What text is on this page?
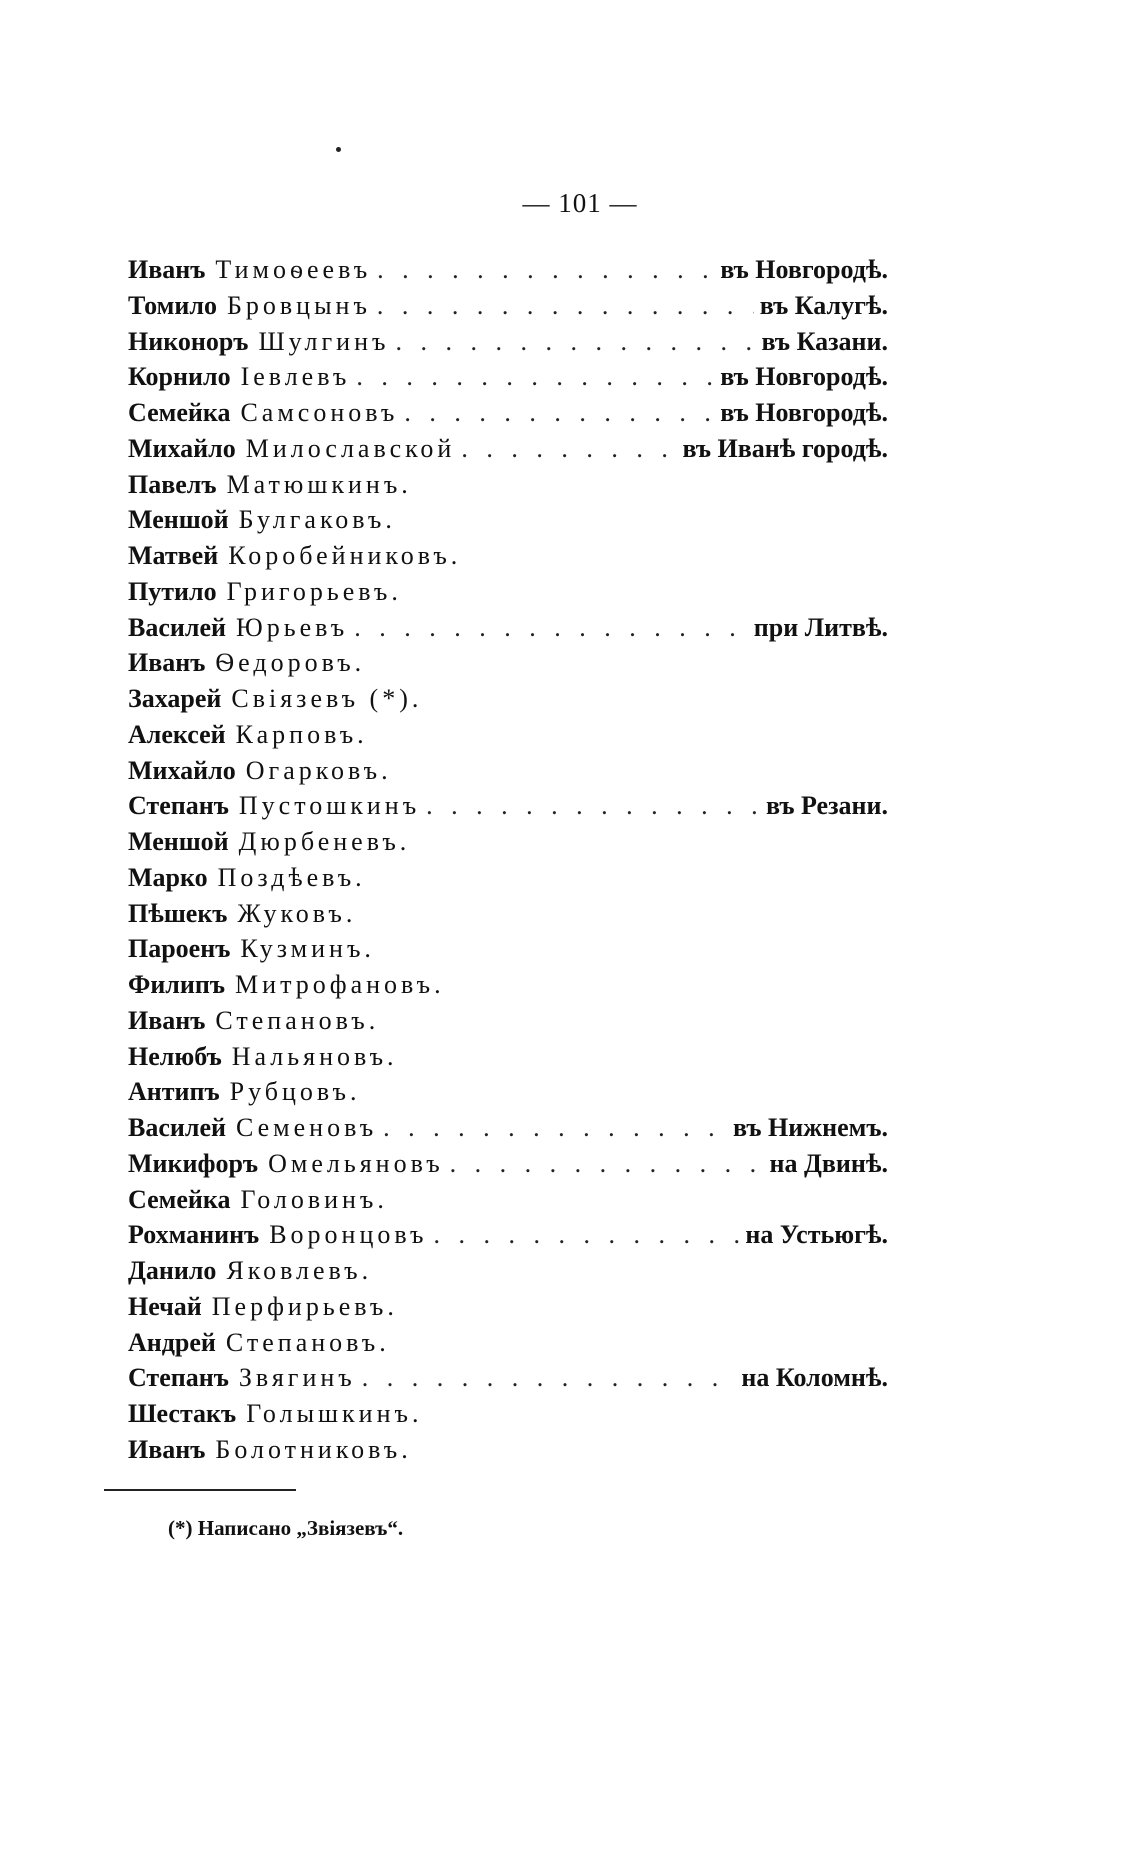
— 101 —
Иванъ Тимоѳеевъ . . .	въ Новгородѣ.
Томило Бровцынъ . . .	въ Калугѣ.
Никоноръ Шулгинъ . . .	въ Казани.
Корнило Іевлевъ . . .	въ Новгородѣ.
Семейка Самсоновъ . . .	въ Новгородѣ.
Михайло Милославской . . .	въ Иванѣ городѣ.
Павелъ Матюшкинъ.
Меншой Булгаковъ.
Матвей Коробейниковъ.
Путило Григорьевъ.
Василей Юрьевъ . . .	при Литвѣ.
Иванъ Ѳедоровъ.
Захарей Свіязевъ (*).
Алексей Карповъ.
Михайло Огарковъ.
Степанъ Пустошкинъ . . .	въ Резани.
Меншой Дюрбеневъ.
Марко Поздѣевъ.
Пѣшекъ Жуковъ.
Пароенъ Кузминъ.
Филипъ Митрофановъ.
Иванъ Степановъ.
Нелюбъ Нальяновъ.
Антипъ Рубцовъ.
Василей Семеновъ . . .	въ Нижнемъ.
Микифоръ Омельяновъ . . .	на Двинѣ.
Семейка Головинъ.
Рохманинъ Воронцовъ . . .	на Устьюгѣ.
Данило Яковлевъ.
Нечай Перфирьевъ.
Андрей Степановъ.
Степанъ Звягинъ . . .	на Коломнѣ.
Шестакъ Голышкинъ.
Иванъ Болотниковъ.
(*) Написано „Звіязевъ“.
